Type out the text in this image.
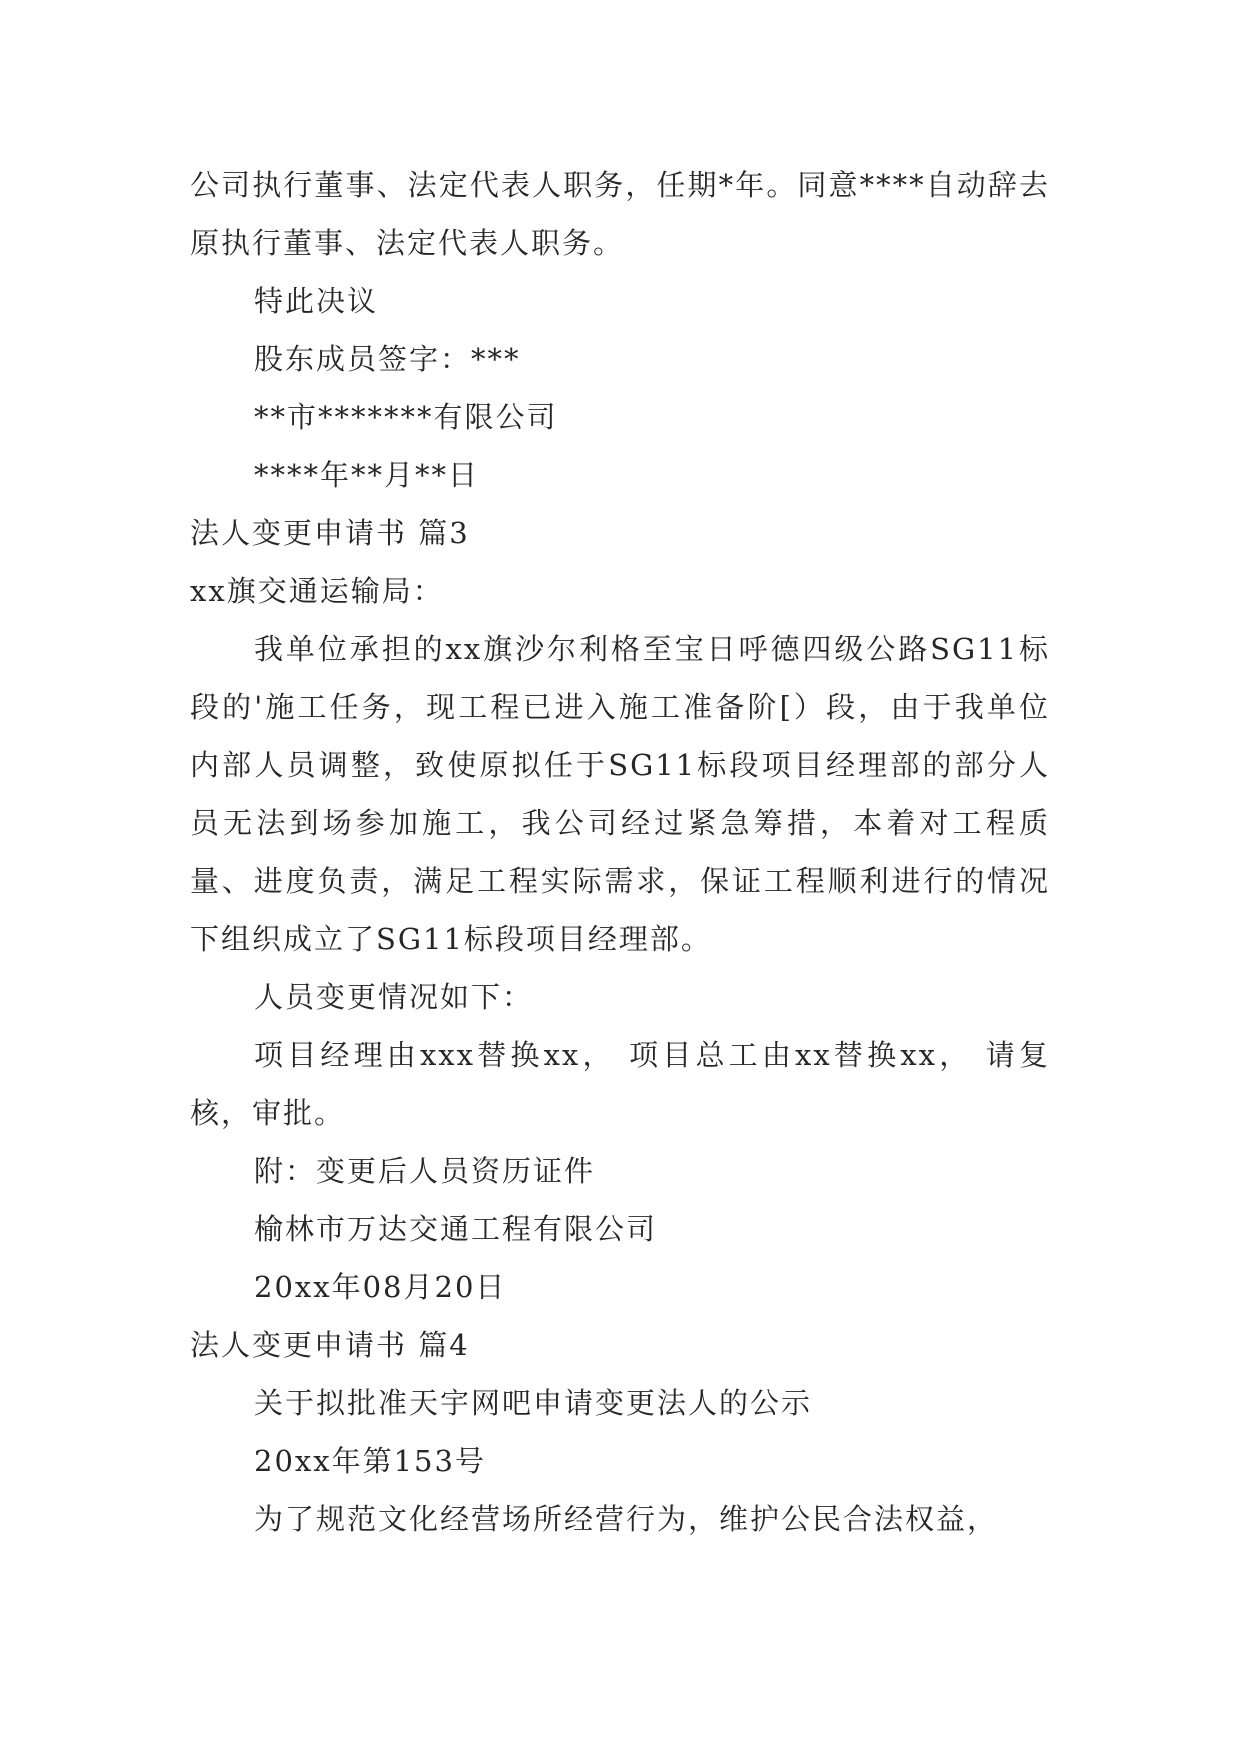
公司执行董事、法定代表人职务，任期*年。同意****自动辞去原执行董事、法定代表人职务。

特此决议

股东成员签字：***

**市*******有限公司

****年**月**日

法人变更申请书 篇3

xx旗交通运输局：

我单位承担的xx旗沙尔利格至宝日呼德四级公路SG11标段的'施工任务，现工程已进入施工准备阶[）段，由于我单位内部人员调整，致使原拟任于SG11标段项目经理部的部分人员无法到场参加施工，我公司经过紧急筹措，本着对工程质量、进度负责，满足工程实际需求，保证工程顺利进行的情况下组织成立了SG11标段项目经理部。

人员变更情况如下：

项目经理由xxx替换xx， 项目总工由xx替换xx， 请复核，审批。

附：变更后人员资历证件

榆林市万达交通工程有限公司

20xx年08月20日

法人变更申请书 篇4

关于拟批准天宇网吧申请变更法人的公示

20xx年第153号

为了规范文化经营场所经营行为，维护公民合法权益，
